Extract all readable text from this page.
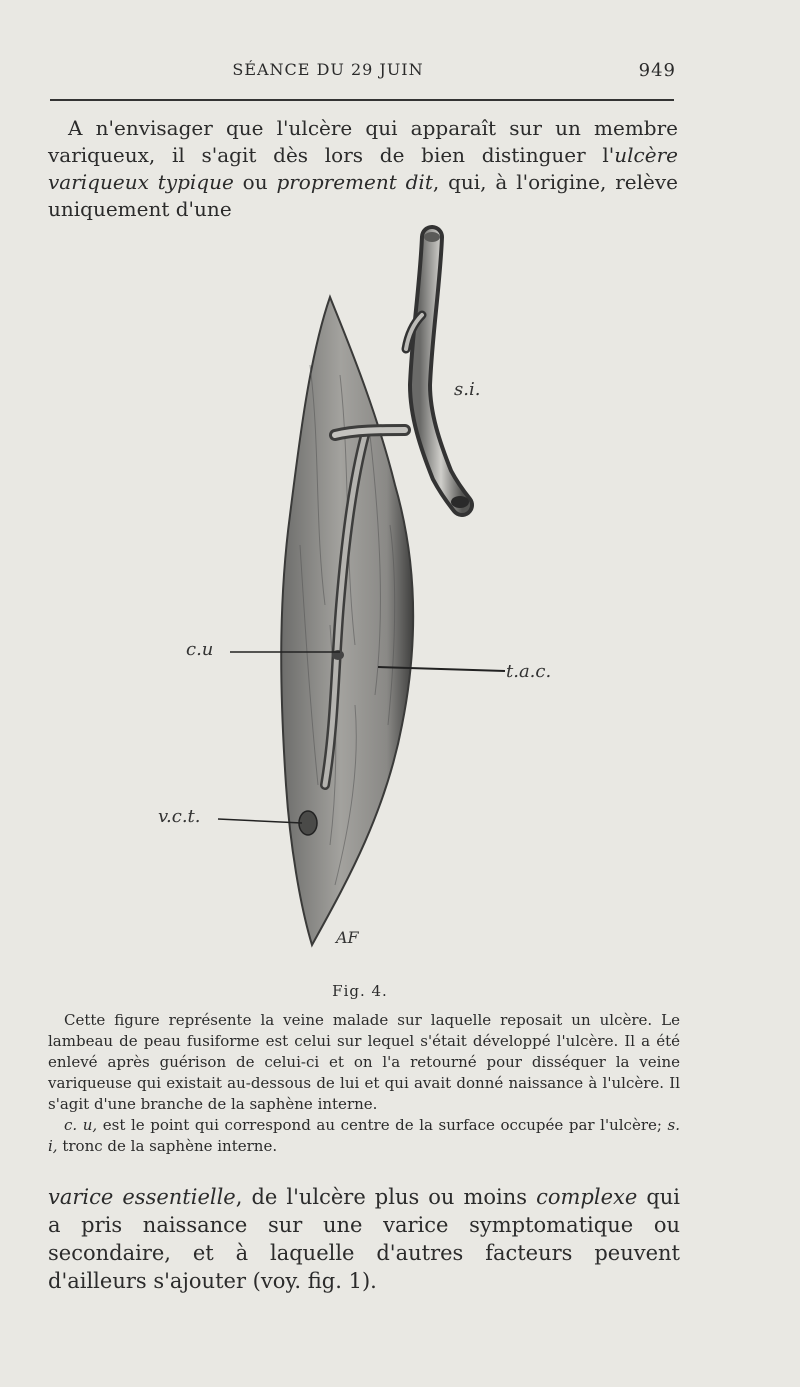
SÉANCE DU 29 JUIN	949

A n'envisager que l'ulcère qui apparaît sur un membre variqueux, il s'agit dès lors de bien distinguer l'ulcère variqueux typique ou proprement dit, qui, à l'origine, relève uniquement d'une

s.i.
c.u
t.a.c.
v.c.t.
AF
Fig. 4.

Cette figure représente la veine malade sur laquelle reposait un ulcère. Le lambeau de peau fusiforme est celui sur lequel s'était développé l'ulcère. Il a été enlevé après guérison de celui-ci et on l'a retourné pour disséquer la veine variqueuse qui existait au-dessous de lui et qui avait donné naissance à l'ulcère. Il s'agit d'une branche de la saphène interne.

c. u, est le point qui correspond au centre de la surface occupée par l'ulcère; s. i, tronc de la saphène interne.

varice essentielle, de l'ulcère plus ou moins complexe qui a pris naissance sur une varice symptomatique ou secondaire, et à laquelle d'autres facteurs peuvent d'ailleurs s'ajouter (voy. fig. 1).
